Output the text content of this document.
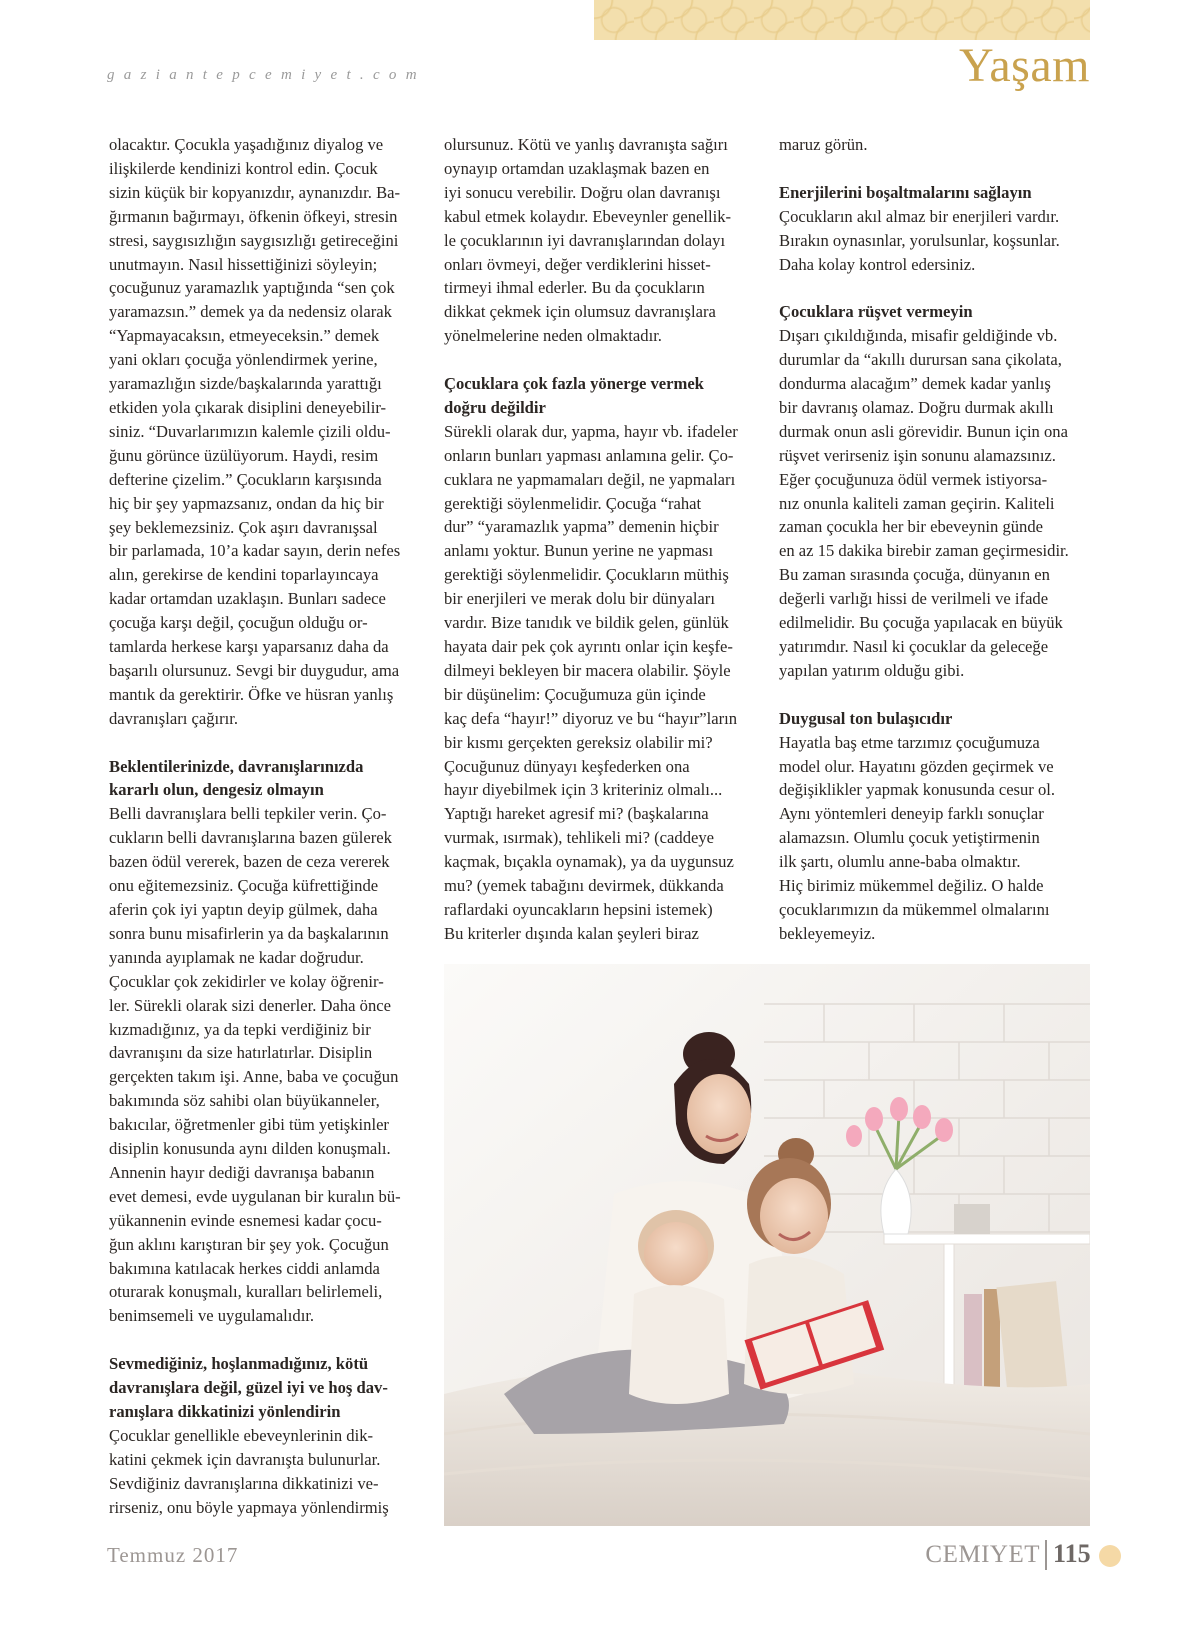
gaziantepcemiyet.com	Yaşam

olacaktır. Çocukla yaşadığınız diyalog ve

ilişkilerde kendinizi kontrol edin. Çocuk

sizin küçük bir kopyanızdır, aynanızdır. Ba-

ğırmanın bağırmayı, öfkenin öfkeyi, stresin

stresi, saygısızlığın saygısızlığı getireceğini

unutmayın. Nasıl hissettiğinizi söyleyin;

çocuğunuz yaramazlık yaptığında “sen çok

yaramazsın.” demek ya da nedensiz olarak

“Yapmayacaksın, etmeyeceksin.” demek

yani okları çocuğa yönlendirmek yerine,

yaramazlığın sizde/başkalarında yarattığı

etkiden yola çıkarak disiplini deneyebilir-

siniz. “Duvarlarımızın kalemle çizili oldu-

ğunu görünce üzülüyorum. Haydi, resim

defterine çizelim.” Çocukların karşısında

hiç bir şey yapmazsanız, ondan da hiç bir

şey beklemezsiniz. Çok aşırı davranışsal

bir parlamada, 10’a kadar sayın, derin nefes

alın, gerekirse de kendini toparlayıncaya

kadar ortamdan uzaklaşın. Bunları sadece

çocuğa karşı değil, çocuğun olduğu or-

tamlarda herkese karşı yaparsanız daha da

başarılı olursunuz. Sevgi bir duygudur, ama

mantık da gerektirir. Öfke ve hüsran yanlış

davranışları çağırır.

Beklentilerinizde, davranışlarınızda

kararlı olun, dengesiz olmayın

Belli davranışlara belli tepkiler verin. Ço-

cukların belli davranışlarına bazen gülerek

bazen ödül vererek, bazen de ceza vererek

onu eğitemezsiniz. Çocuğa küfrettiğinde

aferin çok iyi yaptın deyip gülmek, daha

sonra bunu misafirlerin ya da başkalarının

yanında ayıplamak ne kadar doğrudur.

Çocuklar çok zekidirler ve kolay öğrenir-

ler. Sürekli olarak sizi denerler. Daha önce

kızmadığınız, ya da tepki verdiğiniz bir

davranışını da size hatırlatırlar. Disiplin

gerçekten takım işi. Anne, baba ve çocuğun

bakımında söz sahibi olan büyükanneler,

bakıcılar, öğretmenler gibi tüm yetişkinler

disiplin konusunda aynı dilden konuşmalı.

Annenin hayır dediği davranışa babanın

evet demesi, evde uygulanan bir kuralın bü-

yükannenin evinde esnemesi kadar çocu-

ğun aklını karıştıran bir şey yok. Çocuğun

bakımına katılacak herkes ciddi anlamda

oturarak konuşmalı, kuralları belirlemeli,

benimsemeli ve uygulamalıdır.

Sevmediğiniz, hoşlanmadığınız, kötü

davranışlara değil, güzel iyi ve hoş dav-

ranışlara dikkatinizi yönlendirin

Çocuklar genellikle ebeveynlerinin dik-

katini çekmek için davranışta bulunurlar.

Sevdiğiniz davranışlarına dikkatinizi ve-

rirseniz, onu böyle yapmaya yönlendirmiş

olursunuz. Kötü ve yanlış davranışta sağırı

oynayıp ortamdan uzaklaşmak bazen en

iyi sonucu verebilir. Doğru olan davranışı

kabul etmek kolaydır. Ebeveynler genellik-

le çocuklarının iyi davranışlarından dolayı

onları övmeyi, değer verdiklerini hisset-

tirmeyi ihmal ederler. Bu da çocukların

dikkat çekmek için olumsuz davranışlara

yönelmelerine neden olmaktadır.

Çocuklara çok fazla yönerge vermek

doğru değildir

Sürekli olarak dur, yapma, hayır vb. ifadeler

onların bunları yapması anlamına gelir. Ço-

cuklara ne yapmamaları değil, ne yapmaları

gerektiği söylenmelidir. Çocuğa “rahat

dur” “yaramazlık yapma” demenin hiçbir

anlamı yoktur. Bunun yerine ne yapması

gerektiği söylenmelidir. Çocukların müthiş

bir enerjileri ve merak dolu bir dünyaları

vardır. Bize tanıdık ve bildik gelen, günlük

hayata dair pek çok ayrıntı onlar için keşfe-

dilmeyi bekleyen bir macera olabilir. Şöyle

bir düşünelim: Çocuğumuza gün içinde

kaç defa “hayır!” diyoruz ve bu “hayır”ların

bir kısmı gerçekten gereksiz olabilir mi?

Çocuğunuz dünyayı keşfederken ona

hayır diyebilmek için 3 kriteriniz olmalı...

Yaptığı hareket agresif mi? (başkalarına

vurmak, ısırmak), tehlikeli mi? (caddeye

kaçmak, bıçakla oynamak), ya da uygunsuz

mu? (yemek tabağını devirmek, dükkanda

raflardaki oyuncakların hepsini istemek)

Bu kriterler dışında kalan şeyleri biraz

maruz görün.

Enerjilerini boşaltmalarını sağlayın

Çocukların akıl almaz bir enerjileri vardır.

Bırakın oynasınlar, yorulsunlar, koşsunlar.

Daha kolay kontrol edersiniz.

Çocuklara rüşvet vermeyin

Dışarı çıkıldığında, misafir geldiğinde vb.

durumlar da “akıllı durursan sana çikolata,

dondurma alacağım” demek kadar yanlış

bir davranış olamaz. Doğru durmak akıllı

durmak onun asli görevidir. Bunun için ona

rüşvet verirseniz işin sonunu alamazsınız.

Eğer çocuğunuza ödül vermek istiyorsa-

nız onunla kaliteli zaman geçirin. Kaliteli

zaman çocukla her bir ebeveynin günde

en az 15 dakika birebir zaman geçirmesidir.

Bu zaman sırasında çocuğa, dünyanın en

değerli varlığı hissi de verilmeli ve ifade

edilmelidir. Bu çocuğa yapılacak en büyük

yatırımdır. Nasıl ki çocuklar da geleceğe

yapılan yatırım olduğu gibi.

Duygusal ton bulaşıcıdır

Hayatla baş etme tarzımız çocuğumuza

model olur. Hayatını gözden geçirmek ve

değişiklikler yapmak konusunda cesur ol.

Aynı yöntemleri deneyip farklı sonuçlar

alamazsın. Olumlu çocuk yetiştirmenin

ilk şartı, olumlu anne-baba olmaktır.

Hiç birimiz mükemmel değiliz. O halde

çocuklarımızın da mükemmel olmalarını

bekleyemeyiz.

Temmuz 2017	CEMIYET 115
